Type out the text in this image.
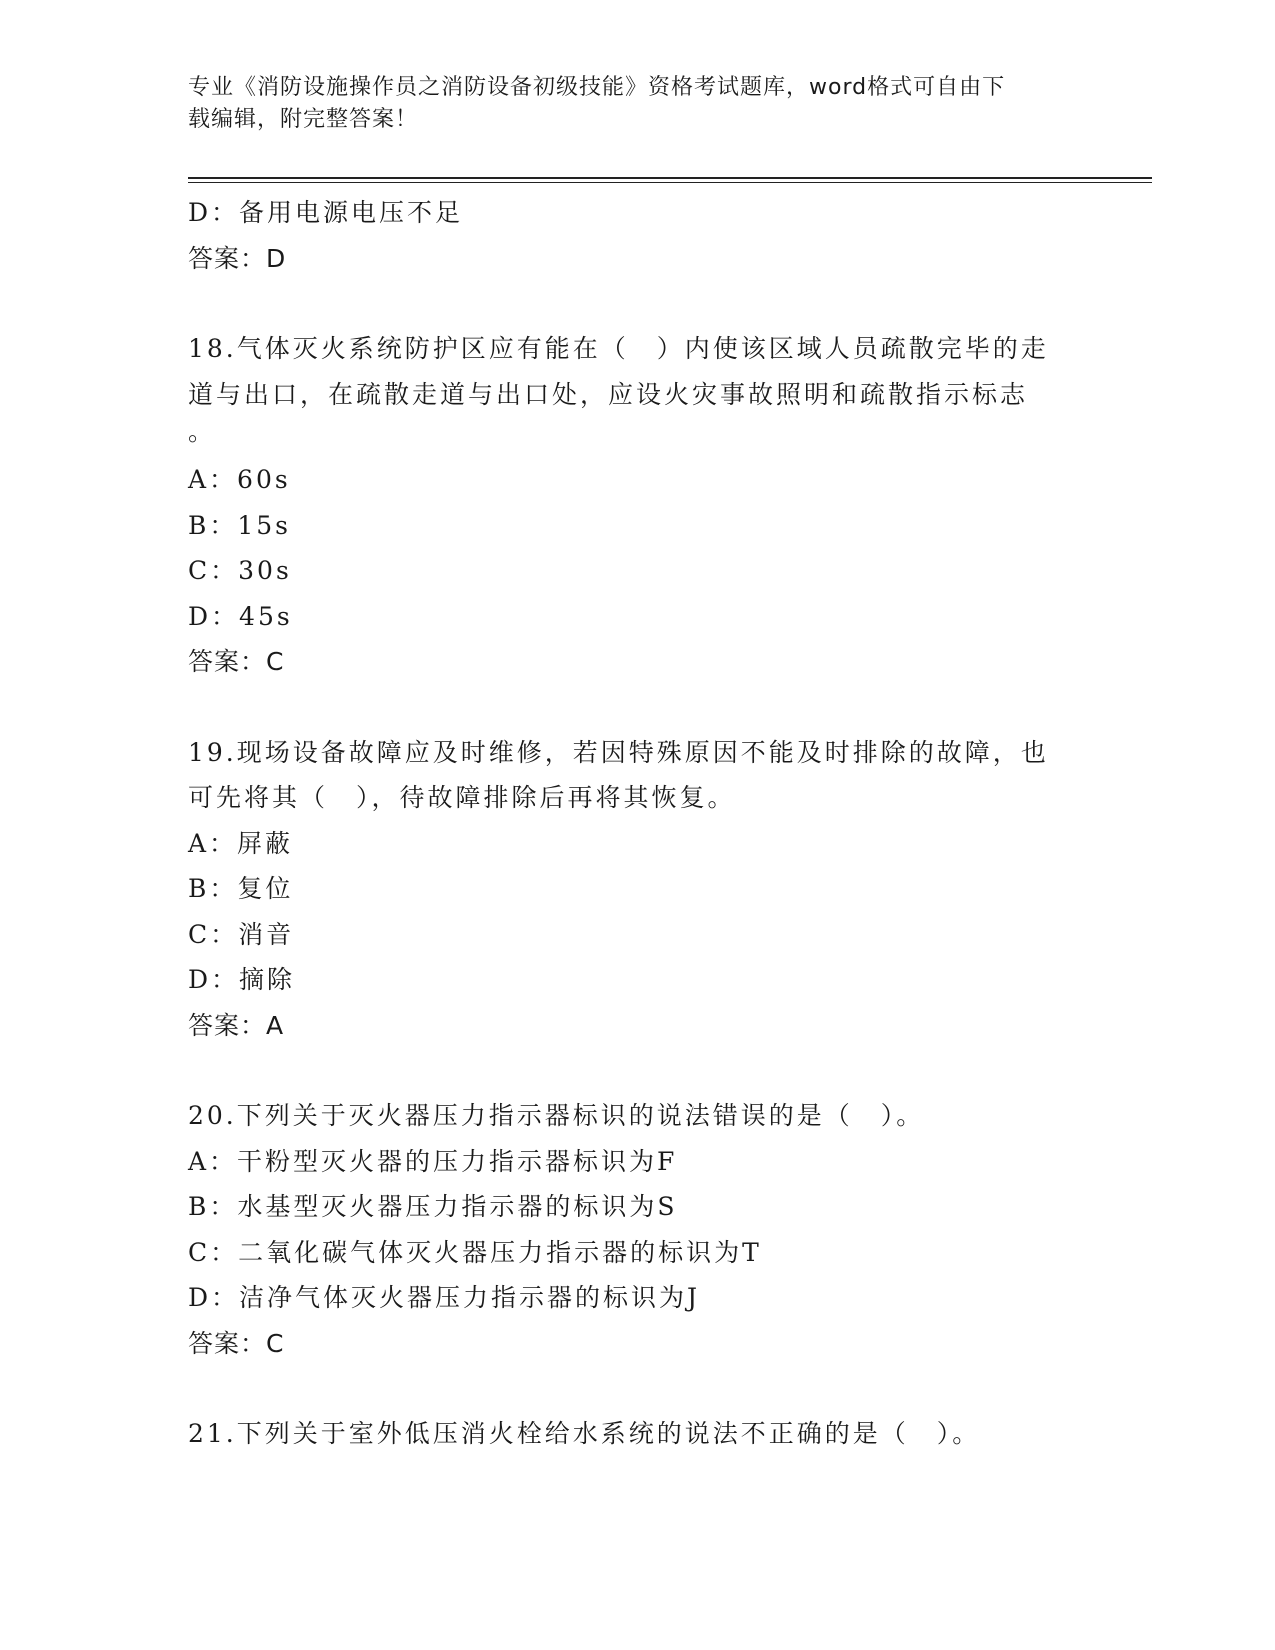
专业《消防设施操作员之消防设备初级技能》资格考试题库，word格式可自由下
载编辑，附完整答案！
D：备用电源电压不足
答案：D
18.气体灭火系统防护区应有能在（　）内使该区域人员疏散完毕的走
道与出口，在疏散走道与出口处，应设火灾事故照明和疏散指示标志
。
A：60s
B：15s
C：30s
D：45s
答案：C
19.现场设备故障应及时维修，若因特殊原因不能及时排除的故障，也
可先将其（　），待故障排除后再将其恢复。
A：屏蔽
B：复位
C：消音
D：摘除
答案：A
20.下列关于灭火器压力指示器标识的说法错误的是（　）。
A：干粉型灭火器的压力指示器标识为F
B：水基型灭火器压力指示器的标识为S
C：二氧化碳气体灭火器压力指示器的标识为T
D：洁净气体灭火器压力指示器的标识为J
答案：C
21.下列关于室外低压消火栓给水系统的说法不正确的是（　）。
